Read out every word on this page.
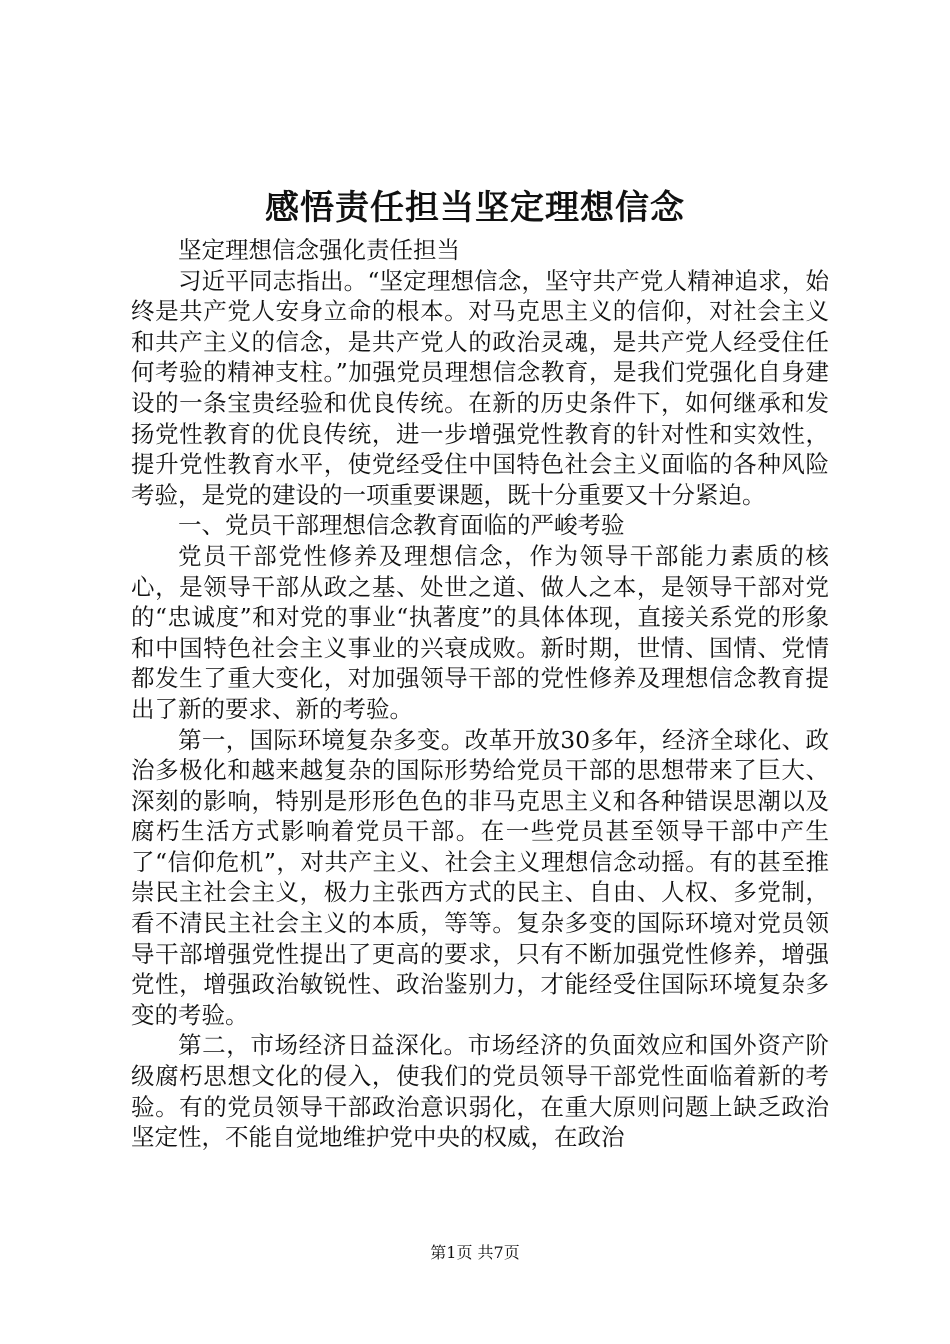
感悟责任担当坚定理想信念

坚定理想信念强化责任担当

习近平同志指出。“坚定理想信念，坚守共产党人精神追求，始终是共产党人安身立命的根本。对马克思主义的信仰，对社会主义和共产主义的信念，是共产党人的政治灵魂，是共产党人经受住任何考验的精神支柱。”加强党员理想信念教育，是我们党强化自身建设的一条宝贵经验和优良传统。在新的历史条件下，如何继承和发扬党性教育的优良传统，进一步增强党性教育的针对性和实效性，提升党性教育水平，使党经受住中国特色社会主义面临的各种风险考验，是党的建设的一项重要课题，既十分重要又十分紧迫。

一、党员干部理想信念教育面临的严峻考验

党员干部党性修养及理想信念，作为领导干部能力素质的核心，是领导干部从政之基、处世之道、做人之本，是领导干部对党的“忠诚度”和对党的事业“执著度”的具体体现，直接关系党的形象和中国特色社会主义事业的兴衰成败。新时期，世情、国情、党情都发生了重大变化，对加强领导干部的党性修养及理想信念教育提出了新的要求、新的考验。

第一，国际环境复杂多变。改革开放30多年，经济全球化、政治多极化和越来越复杂的国际形势给党员干部的思想带来了巨大、深刻的影响，特别是形形色色的非马克思主义和各种错误思潮以及腐朽生活方式影响着党员干部。在一些党员甚至领导干部中产生了“信仰危机”，对共产主义、社会主义理想信念动摇。有的甚至推崇民主社会主义，极力主张西方式的民主、自由、人权、多党制，看不清民主社会主义的本质，等等。复杂多变的国际环境对党员领导干部增强党性提出了更高的要求，只有不断加强党性修养，增强党性，增强政治敏锐性、政治鉴别力，才能经受住国际环境复杂多变的考验。

第二，市场经济日益深化。市场经济的负面效应和国外资产阶级腐朽思想文化的侵入，使我们的党员领导干部党性面临着新的考验。有的党员领导干部政治意识弱化，在重大原则问题上缺乏政治坚定性，不能自觉地维护党中央的权威，在政治

第1页 共7页
